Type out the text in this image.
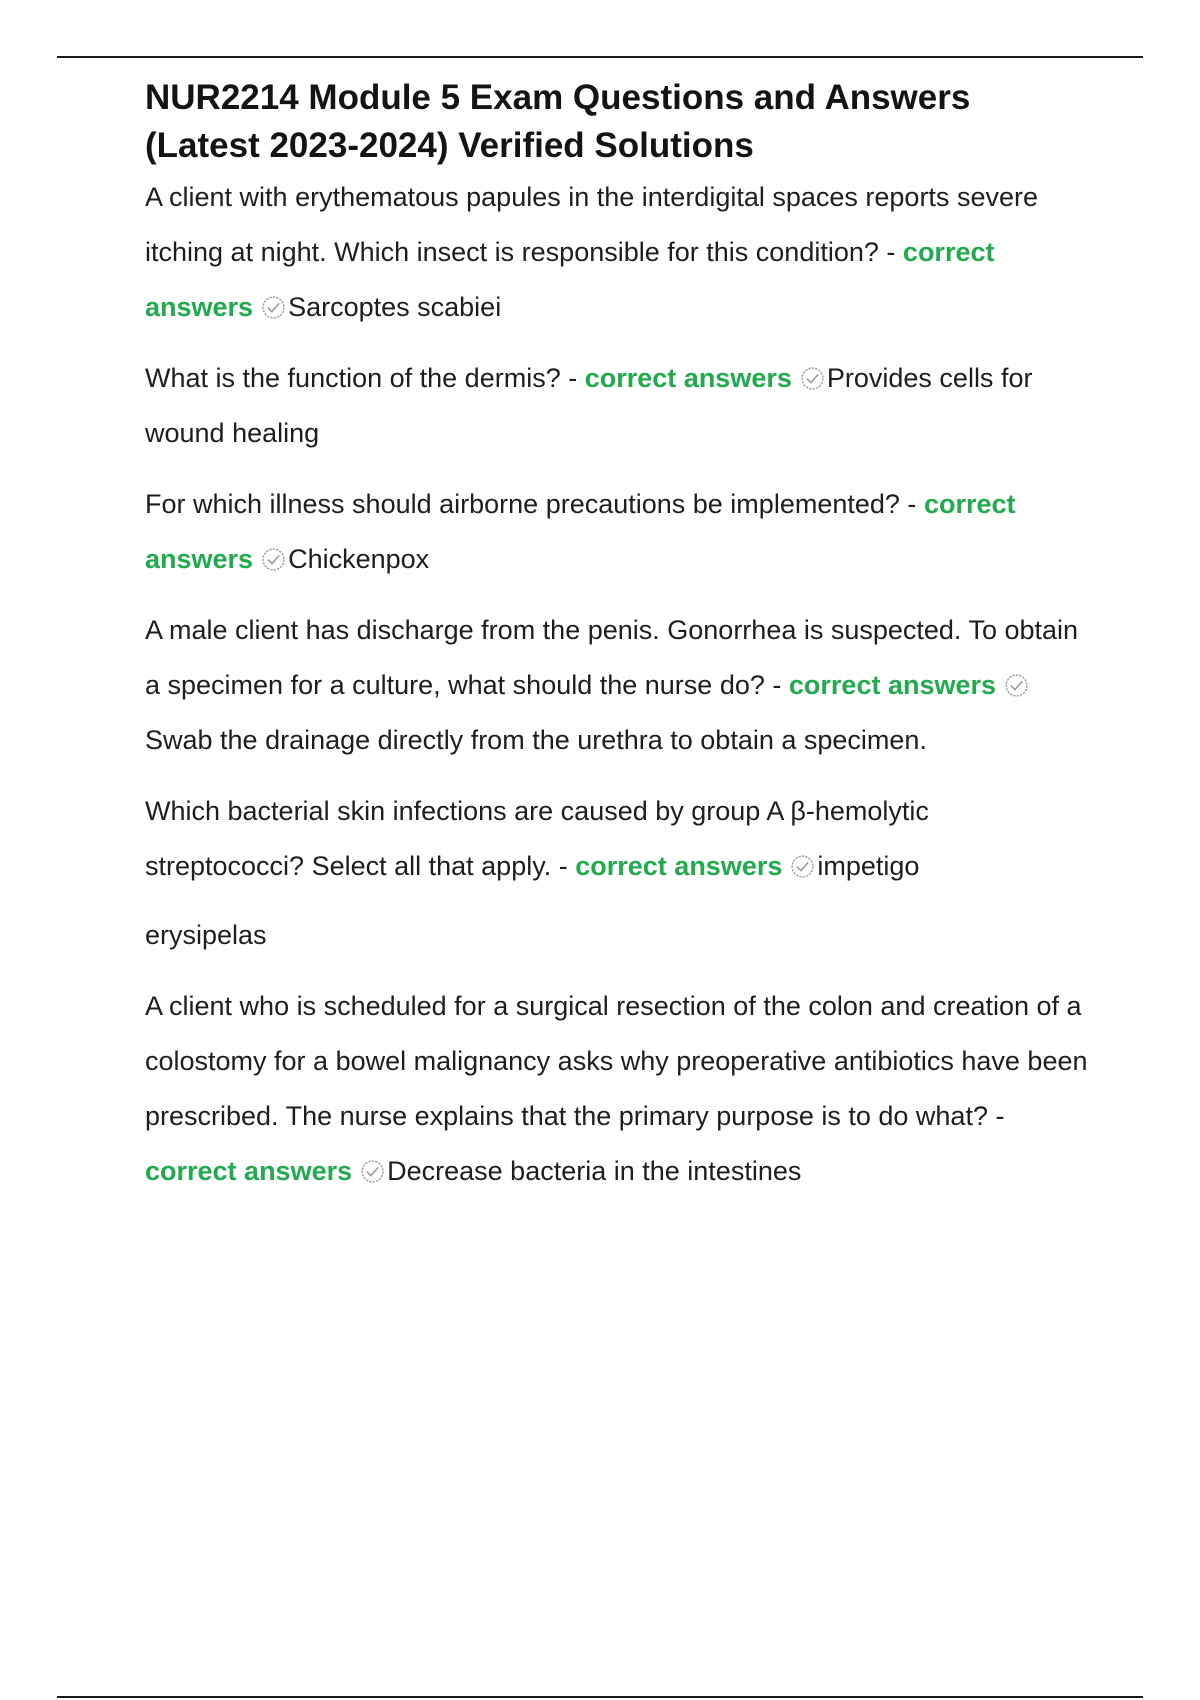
NUR2214 Module 5 Exam Questions and Answers
(Latest 2023-2024) Verified Solutions

A client with erythematous papules in the interdigital spaces reports severe itching at night. Which insect is responsible for this condition? - correct answers Sarcoptes scabiei

What is the function of the dermis? - correct answers Provides cells for wound healing

For which illness should airborne precautions be implemented? - correct answers Chickenpox

A male client has discharge from the penis. Gonorrhea is suspected. To obtain a specimen for a culture, what should the nurse do? - correct answers
Swab the drainage directly from the urethra to obtain a specimen.

Which bacterial skin infections are caused by group A β-hemolytic streptococci? Select all that apply. - correct answers impetigo

erysipelas

A client who is scheduled for a surgical resection of the colon and creation of a colostomy for a bowel malignancy asks why preoperative antibiotics have been prescribed. The nurse explains that the primary purpose is to do what? - correct answers Decrease bacteria in the intestines
